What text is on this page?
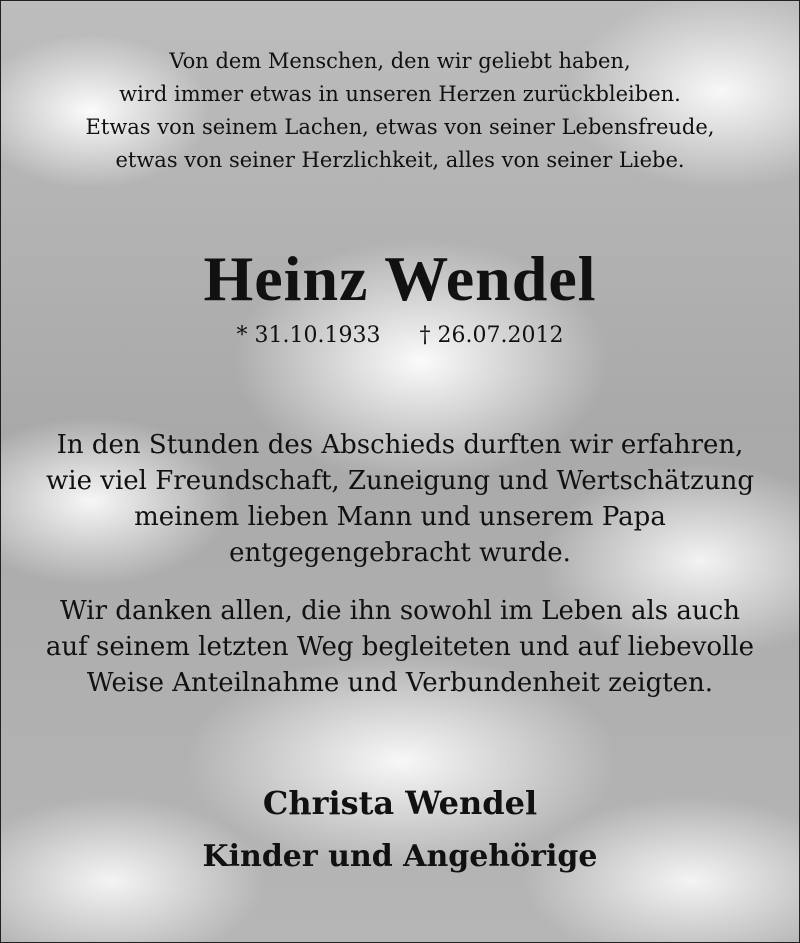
Von dem Menschen, den wir geliebt haben,
wird immer etwas in unseren Herzen zurückbleiben.
Etwas von seinem Lachen, etwas von seiner Lebensfreude,
etwas von seiner Herzlichkeit, alles von seiner Liebe.
Heinz Wendel
* 31.10.1933 † 26.07.2012
In den Stunden des Abschieds durften wir erfahren,
wie viel Freundschaft, Zuneigung und Wertschätzung
meinem lieben Mann und unserem Papa
entgegengebracht wurde.
Wir danken allen, die ihn sowohl im Leben als auch
auf seinem letzten Weg begleiteten und auf liebevolle
Weise Anteilnahme und Verbundenheit zeigten.
Christa Wendel
Kinder und Angehörige
